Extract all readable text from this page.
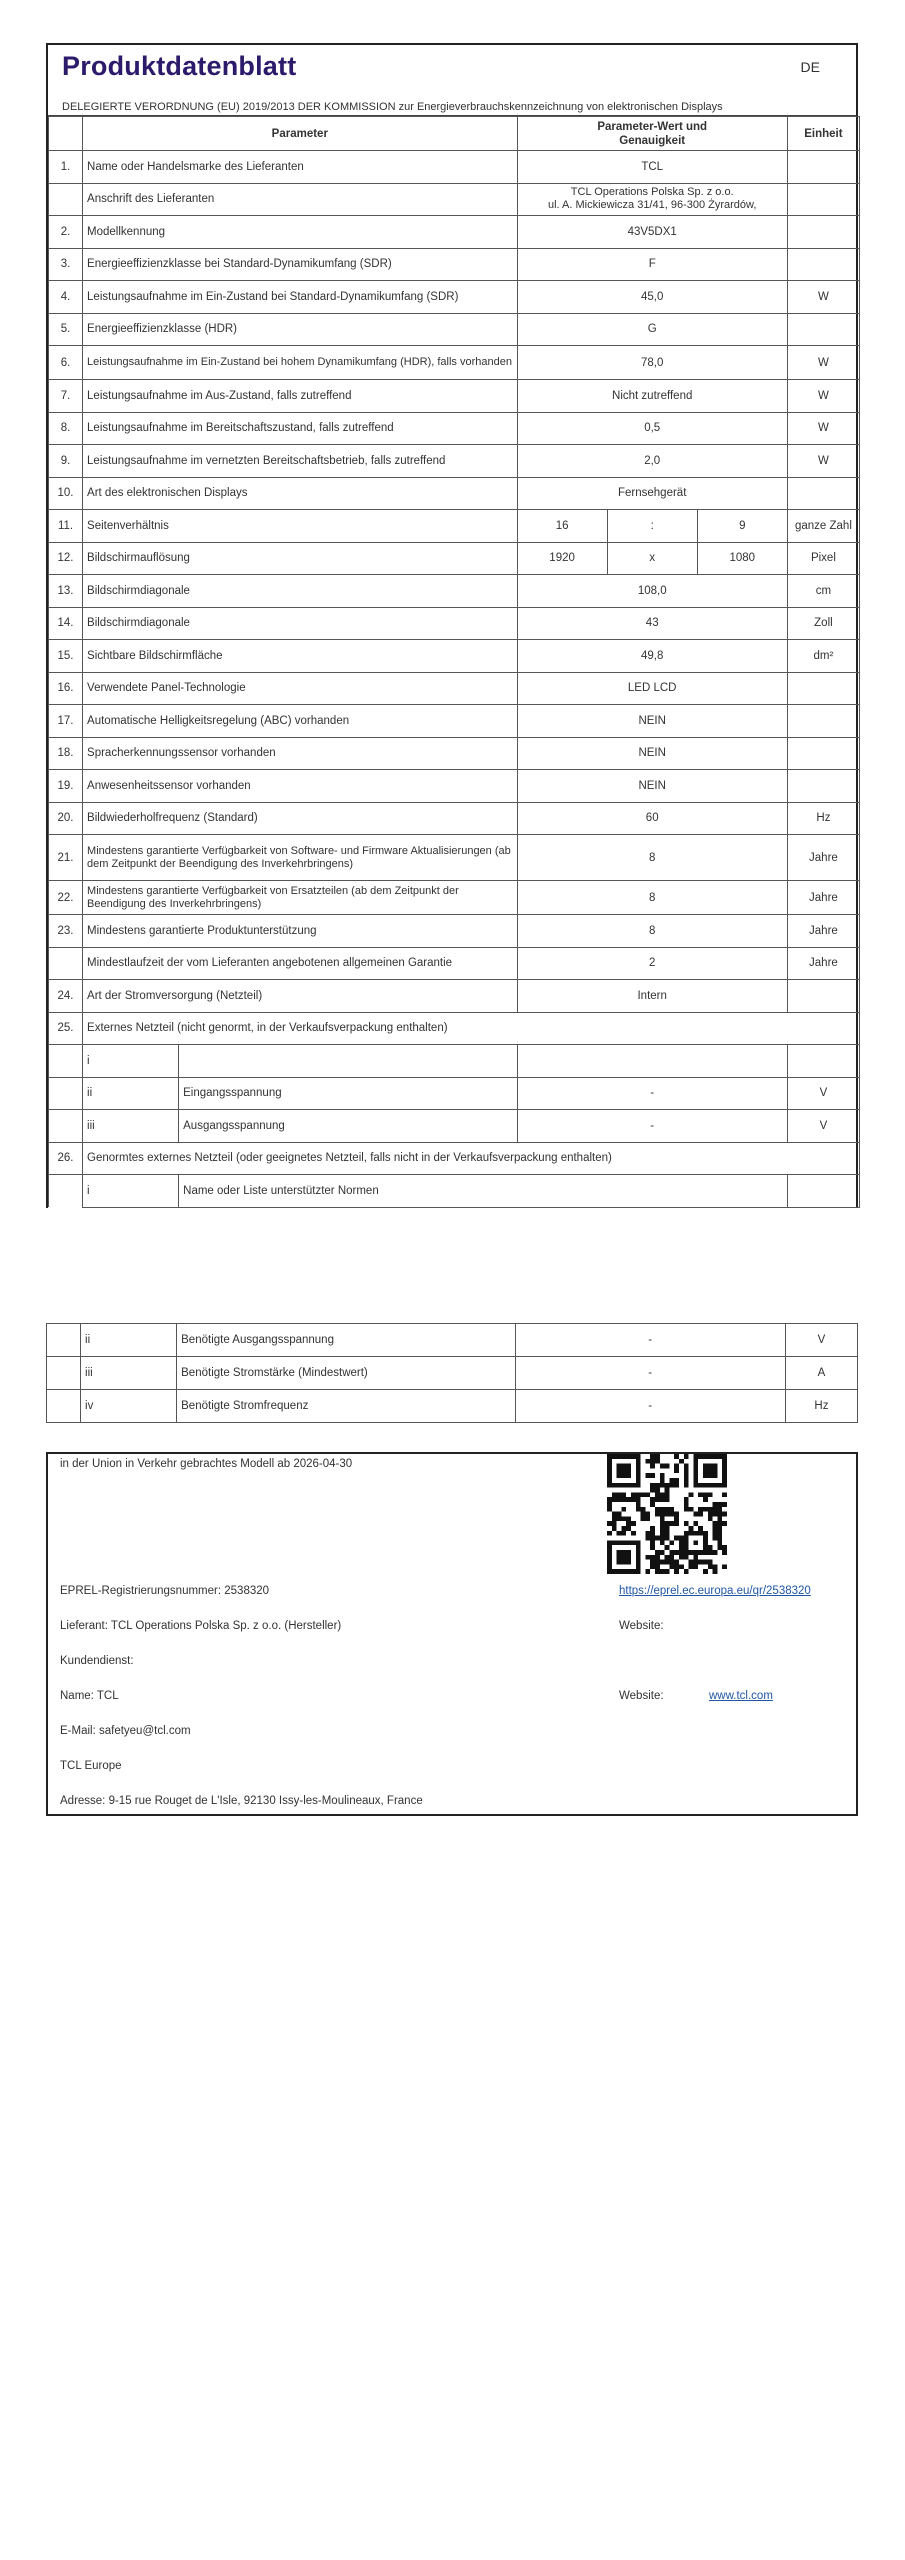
Produktdatenblatt	DE
DELEGIERTE VERORDNUNG (EU) 2019/2013 DER KOMMISSION zur Energieverbrauchskennzeichnung von elektronischen Displays
	Parameter		Parameter-Wert und
Genauigkeit			Einheit
1.	Name oder Handelsmarke des Lieferanten		TCL			

	Anschrift des Lieferanten		TCL Operations Polska Sp. z o.o.
ul. A. Mickiewicza 31/41, 96-300 Żyrardów,			

2.	Modellkennung		43V5DX1			

3.	Energieeffizienzklasse bei Standard-Dynamikumfang (SDR)		F			

4.	Leistungsaufnahme im Ein-Zustand bei Standard-Dynamikumfang (SDR)		45,0			W
5.	Energieeffizienzklasse (HDR)		G			

6.	Leistungsaufnahme im Ein-Zustand bei hohem Dynamikumfang (HDR), falls vorhanden		78,0			W
7.	Leistungsaufnahme im Aus-Zustand, falls zutreffend		Nicht zutreffend			W
8.	Leistungsaufnahme im Bereitschaftszustand, falls zutreffend		0,5			W
9.	Leistungsaufnahme im vernetzten Bereitschaftsbetrieb, falls zutreffend		2,0			W
10.	Art des elektronischen Displays		Fernsehgerät			

11.	Seitenverhältnis		16	:	9	ganze Zahl
12.	Bildschirmauflösung		1920	x	1080	Pixel
13.	Bildschirmdiagonale		108,0			cm
14.	Bildschirmdiagonale		43			Zoll
15.	Sichtbare Bildschirmfläche		49,8			dm²
16.	Verwendete Panel-Technologie		LED LCD			

17.	Automatische Helligkeitsregelung (ABC) vorhanden		NEIN			

18.	Spracherkennungssensor vorhanden		NEIN			

19.	Anwesenheitssensor vorhanden		NEIN			

20.	Bildwiederholfrequenz (Standard)		60			Hz
21.	Mindestens garantierte Verfügbarkeit von Software- und Firmware Aktualisierungen (ab dem Zeitpunkt der Beendigung des Inverkehrbringens)		8			Jahre
22.	Mindestens garantierte Verfügbarkeit von Ersatzteilen (ab dem Zeitpunkt der Beendigung des Inverkehrbringens)		8			Jahre
23.	Mindestens garantierte Produktunterstützung		8			Jahre
	Mindestlaufzeit der vom Lieferanten angebotenen allgemeinen Garantie		2			Jahre
24.	Art der Stromversorgung (Netzteil)		Intern			

25.	Externes Netzteil (nicht genormt, in der Verkaufsverpackung enthalten)					
	i					
	ii	Eingangsspannung	-			V
	iii	Ausgangsspannung	-			V
26.	Genormtes externes Netzteil (oder geeignetes Netzteil, falls nicht in der Verkaufsverpackung enthalten)					
	i	Name oder Liste unterstützter Normen				
	ii	Benötigte Ausgangsspannung	-	V
	iii	Benötigte Stromstärke (Mindestwert)	-	A
	iv	Benötigte Stromfrequenz	-	Hz
in der Union in Verkehr gebrachtes Modell ab 2026-04-30
EPREL-Registrierungsnummer: 2538320	https://eprel.ec.europa.eu/qr/2538320
Lieferant: TCL Operations Polska Sp. z o.o. (Hersteller)	Website:
Kundendienst:
Name: TCL	Website:	www.tcl.com
E-Mail: safetyeu@tcl.com
TCL Europe
Adresse: 9-15 rue Rouget de L'Isle, 92130 Issy-les-Moulineaux, France
